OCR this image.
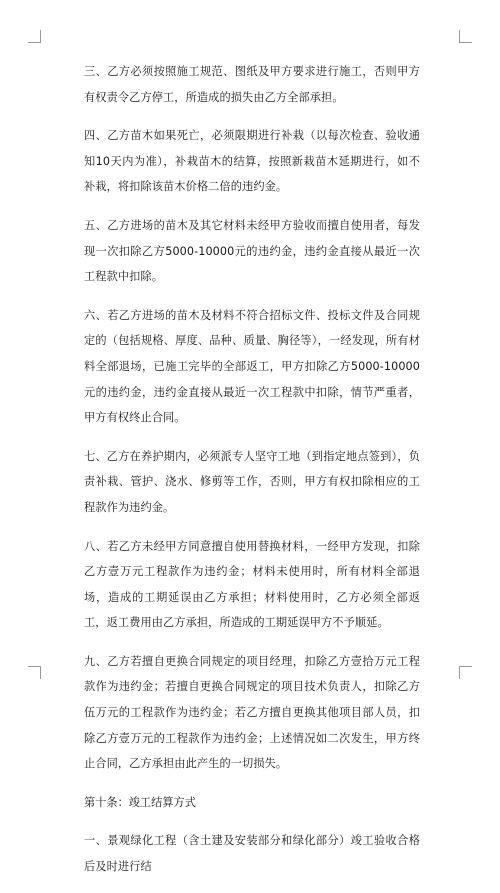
三、乙方必须按照施工规范、图纸及甲方要求进行施工，否则甲方有权责令乙方停工，所造成的损失由乙方全部承担。

四、乙方苗木如果死亡，必须限期进行补栽（以每次检查、验收通知10天内为准），补栽苗木的结算，按照新栽苗木延期进行，如不补栽，将扣除该苗木价格二倍的违约金。

五、乙方进场的苗木及其它材料未经甲方验收而擅自使用者，每发现一次扣除乙方5000-10000元的违约金，违约金直接从最近一次工程款中扣除。

六、若乙方进场的苗木及材料不符合招标文件、投标文件及合同规定的（包括规格、厚度、品种、质量、胸径等），一经发现，所有材料全部退场，已施工完毕的全部返工，甲方扣除乙方5000-10000元的违约金，违约金直接从最近一次工程款中扣除，情节严重者，甲方有权终止合同。

七、乙方在养护期内，必须派专人坚守工地（到指定地点签到），负责补栽、管护、浇水、修剪等工作，否则，甲方有权扣除相应的工程款作为违约金。

八、若乙方未经甲方同意擅自使用替换材料，一经甲方发现，扣除乙方壹万元工程款作为违约金；材料未使用时，所有材料全部退场，造成的工期延误由乙方承担；材料使用时，乙方必须全部返工，返工费用由乙方承担，所造成的工期延误甲方不予顺延。

九、乙方若擅自更换合同规定的项目经理，扣除乙方壹拾万元工程款作为违约金；若擅自更换合同规定的项目技术负责人，扣除乙方伍万元的工程款作为违约金；若乙方擅自更换其他项目部人员，扣除乙方壹万元的工程款作为违约金；上述情况如二次发生，甲方终止合同，乙方承担由此产生的一切损失。

第十条：竣工结算方式

一、景观绿化工程（含土建及安装部分和绿化部分）竣工验收合格后及时进行结
